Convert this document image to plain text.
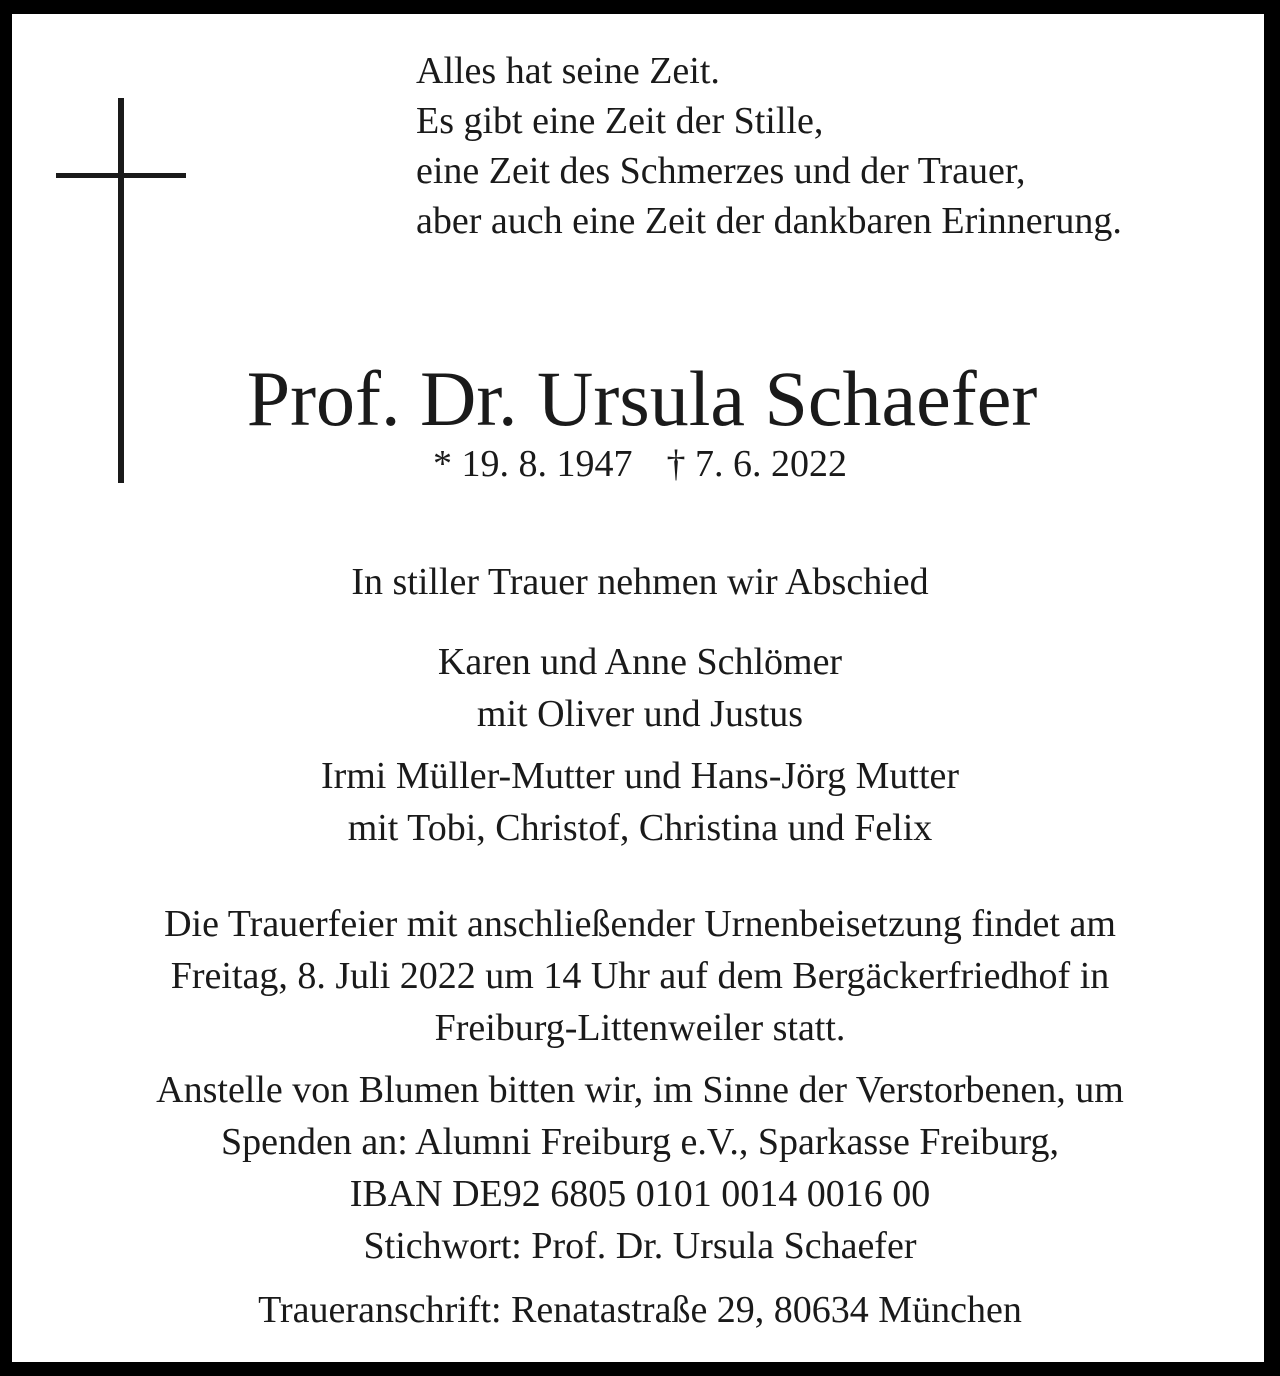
Alles hat seine Zeit.
Es gibt eine Zeit der Stille,
eine Zeit des Schmerzes und der Trauer,
aber auch eine Zeit der dankbaren Erinnerung.
Prof. Dr. Ursula Schaefer
* 19. 8. 1947 † 7. 6. 2022
In stiller Trauer nehmen wir Abschied
Karen und Anne Schlömer
mit Oliver und Justus
Irmi Müller-Mutter und Hans-Jörg Mutter
mit Tobi, Christof, Christina und Felix
Die Trauerfeier mit anschließender Urnenbeisetzung findet am
Freitag, 8. Juli 2022 um 14 Uhr auf dem Bergäckerfriedhof in
Freiburg-Littenweiler statt.
Anstelle von Blumen bitten wir, im Sinne der Verstorbenen, um
Spenden an: Alumni Freiburg e.V., Sparkasse Freiburg,
IBAN DE92 6805 0101 0014 0016 00
Stichwort: Prof. Dr. Ursula Schaefer
Traueranschrift: Renatastraße 29, 80634 München
